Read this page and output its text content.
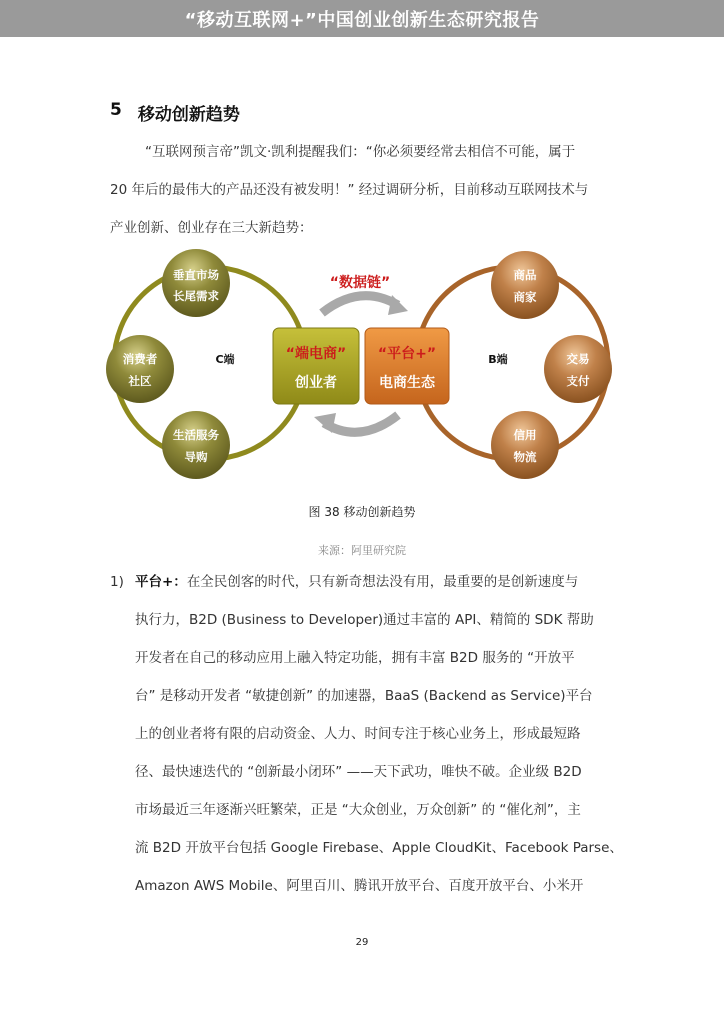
“移动互联网+”中国创业创新生态研究报告
5 移动创新趋势
“互联网预言帝”凯文·凯利提醒我们：“你必须要经常去相信不可能，属于
20 年后的最伟大的产品还没有被发明！” 经过调研分析，目前移动互联网技术与
产业创新、创业存在三大新趋势：
“数据链”
C端	B端
垂直市场
长尾需求
消费者
社区
生活服务
导购
商品
商家
交易
支付
信用
物流
“端电商”
创业者
“平台+”
电商生态
图 38 移动创新趋势
来源：阿里研究院
1) 平台+：在全民创客的时代，只有新奇想法没有用，最重要的是创新速度与
执行力，B2D (Business to Developer)通过丰富的 API、精简的 SDK 帮助
开发者在自己的移动应用上融入特定功能，拥有丰富 B2D 服务的 “开放平
台” 是移动开发者 “敏捷创新” 的加速器，BaaS (Backend as Service)平台
上的创业者将有限的启动资金、人力、时间专注于核心业务上，形成最短路
径、最快速迭代的 “创新最小闭环” ——天下武功，唯快不破。企业级 B2D
市场最近三年逐渐兴旺繁荣，正是 “大众创业，万众创新” 的 “催化剂”，主
流 B2D 开放平台包括 Google Firebase、Apple CloudKit、Facebook Parse、
Amazon AWS Mobile、阿里百川、腾讯开放平台、百度开放平台、小米开
29
